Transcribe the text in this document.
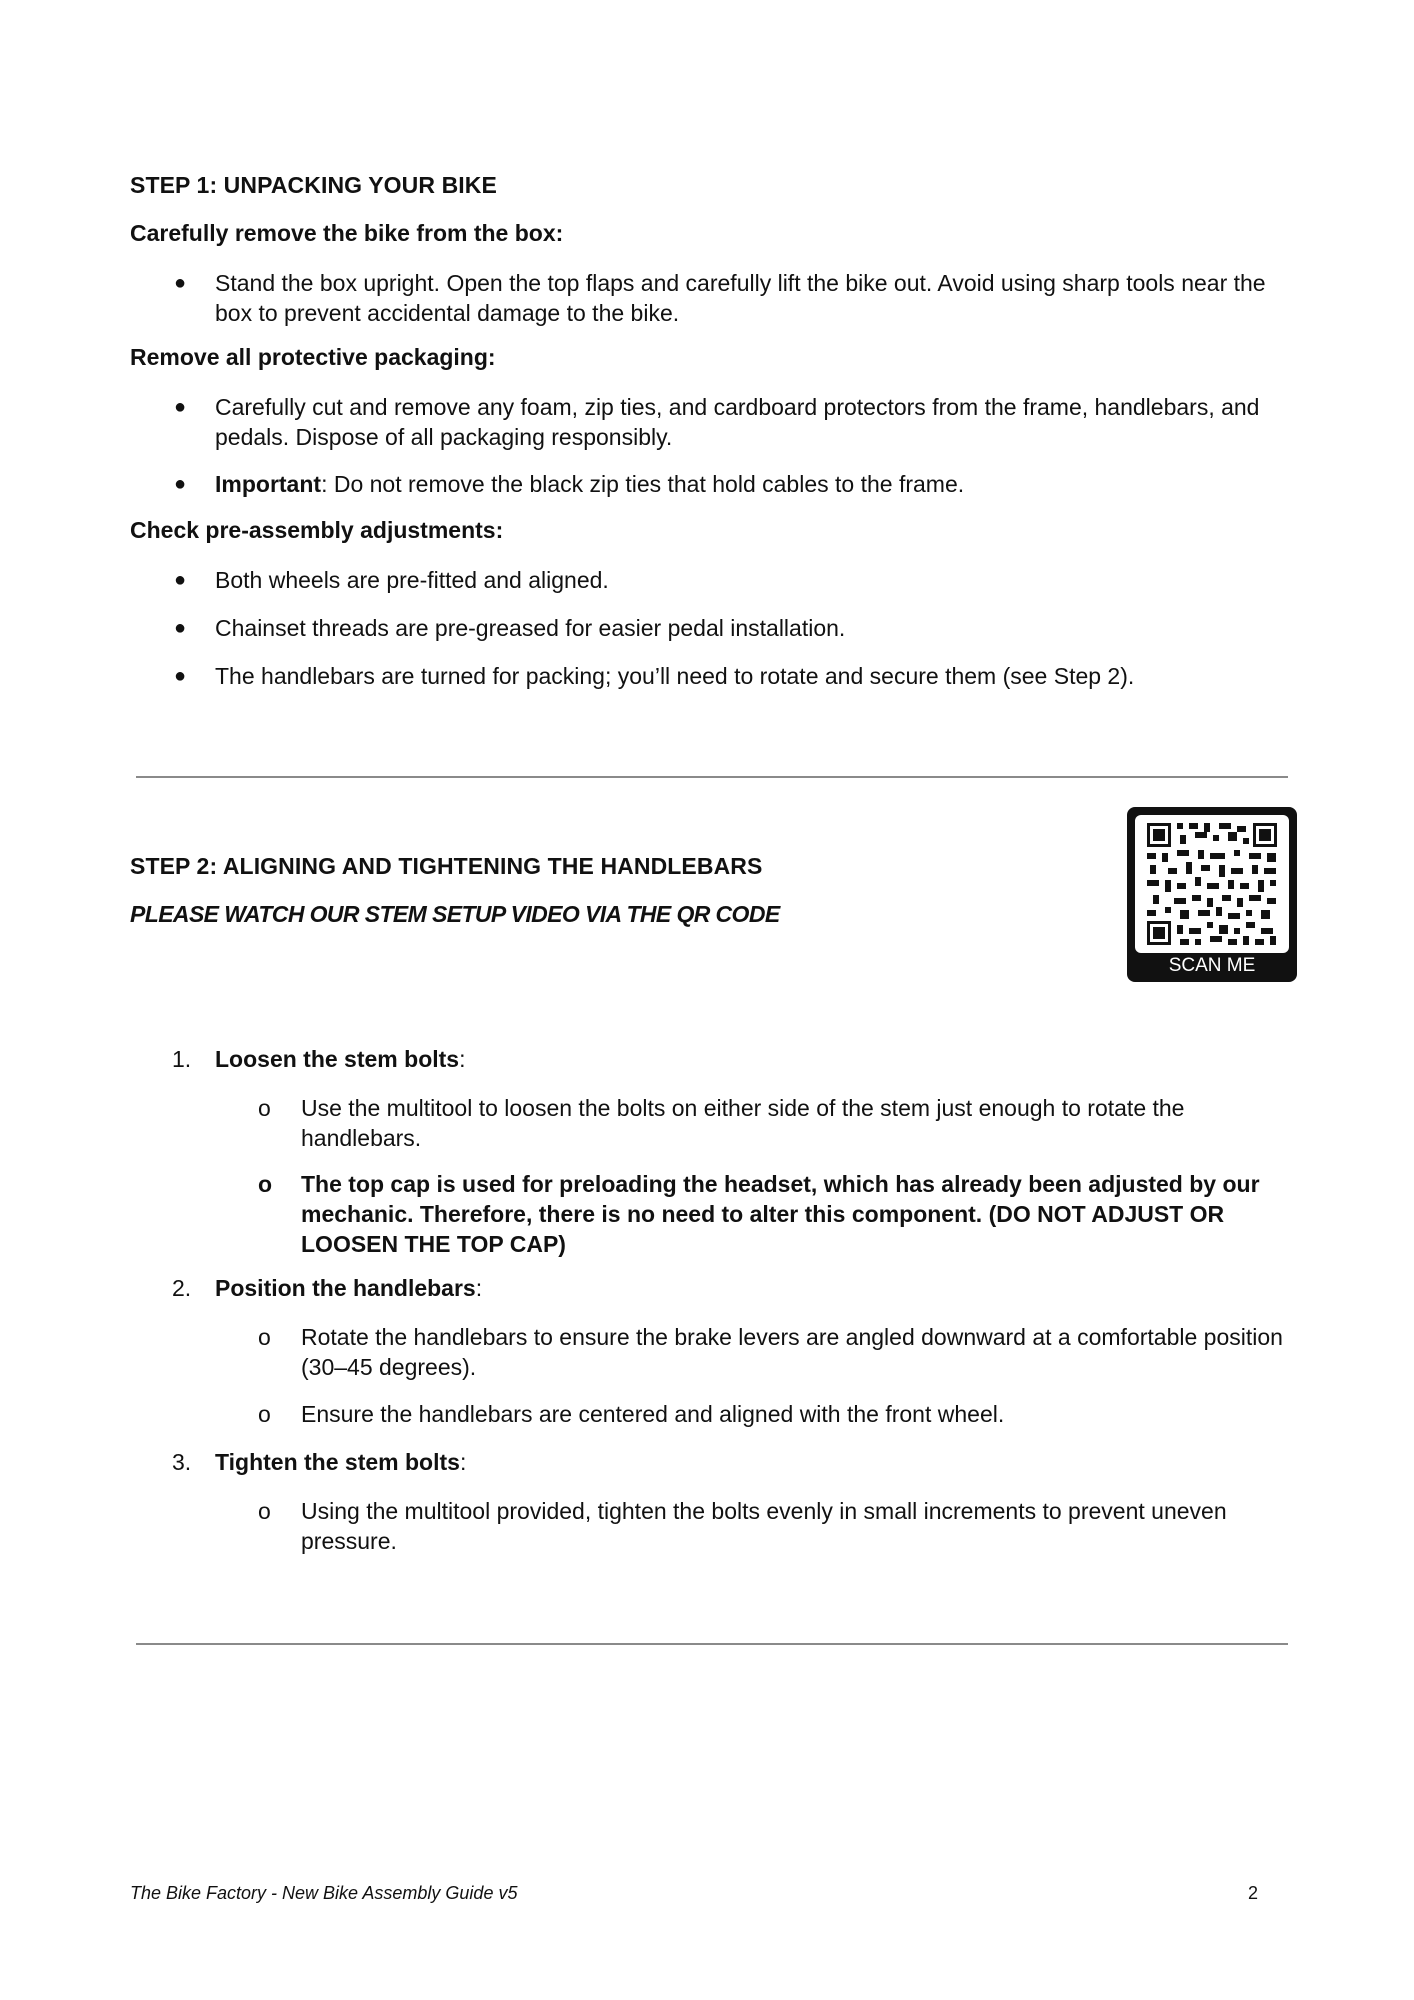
STEP 1: UNPACKING YOUR BIKE
Carefully remove the bike from the box:
● Stand the box upright. Open the top flaps and carefully lift the bike out. Avoid using sharp tools near the box to prevent accidental damage to the bike.
Remove all protective packaging:
● Carefully cut and remove any foam, zip ties, and cardboard protectors from the frame, handlebars, and pedals. Dispose of all packaging responsibly.
● Important: Do not remove the black zip ties that hold cables to the frame.
Check pre-assembly adjustments:
● Both wheels are pre-fitted and aligned.
● Chainset threads are pre-greased for easier pedal installation.
● The handlebars are turned for packing; you’ll need to rotate and secure them (see Step 2).
STEP 2: ALIGNING AND TIGHTENING THE HANDLEBARS
PLEASE WATCH OUR STEM SETUP VIDEO VIA THE QR CODE
SCAN ME
1. Loosen the stem bolts:
o Use the multitool to loosen the bolts on either side of the stem just enough to rotate the handlebars.
o The top cap is used for preloading the headset, which has already been adjusted by our mechanic. Therefore, there is no need to alter this component. (DO NOT ADJUST OR LOOSEN THE TOP CAP)
2. Position the handlebars:
o Rotate the handlebars to ensure the brake levers are angled downward at a comfortable position (30–45 degrees).
o Ensure the handlebars are centered and aligned with the front wheel.
3. Tighten the stem bolts:
o Using the multitool provided, tighten the bolts evenly in small increments to prevent uneven pressure.
The Bike Factory - New Bike Assembly Guide v5	2
